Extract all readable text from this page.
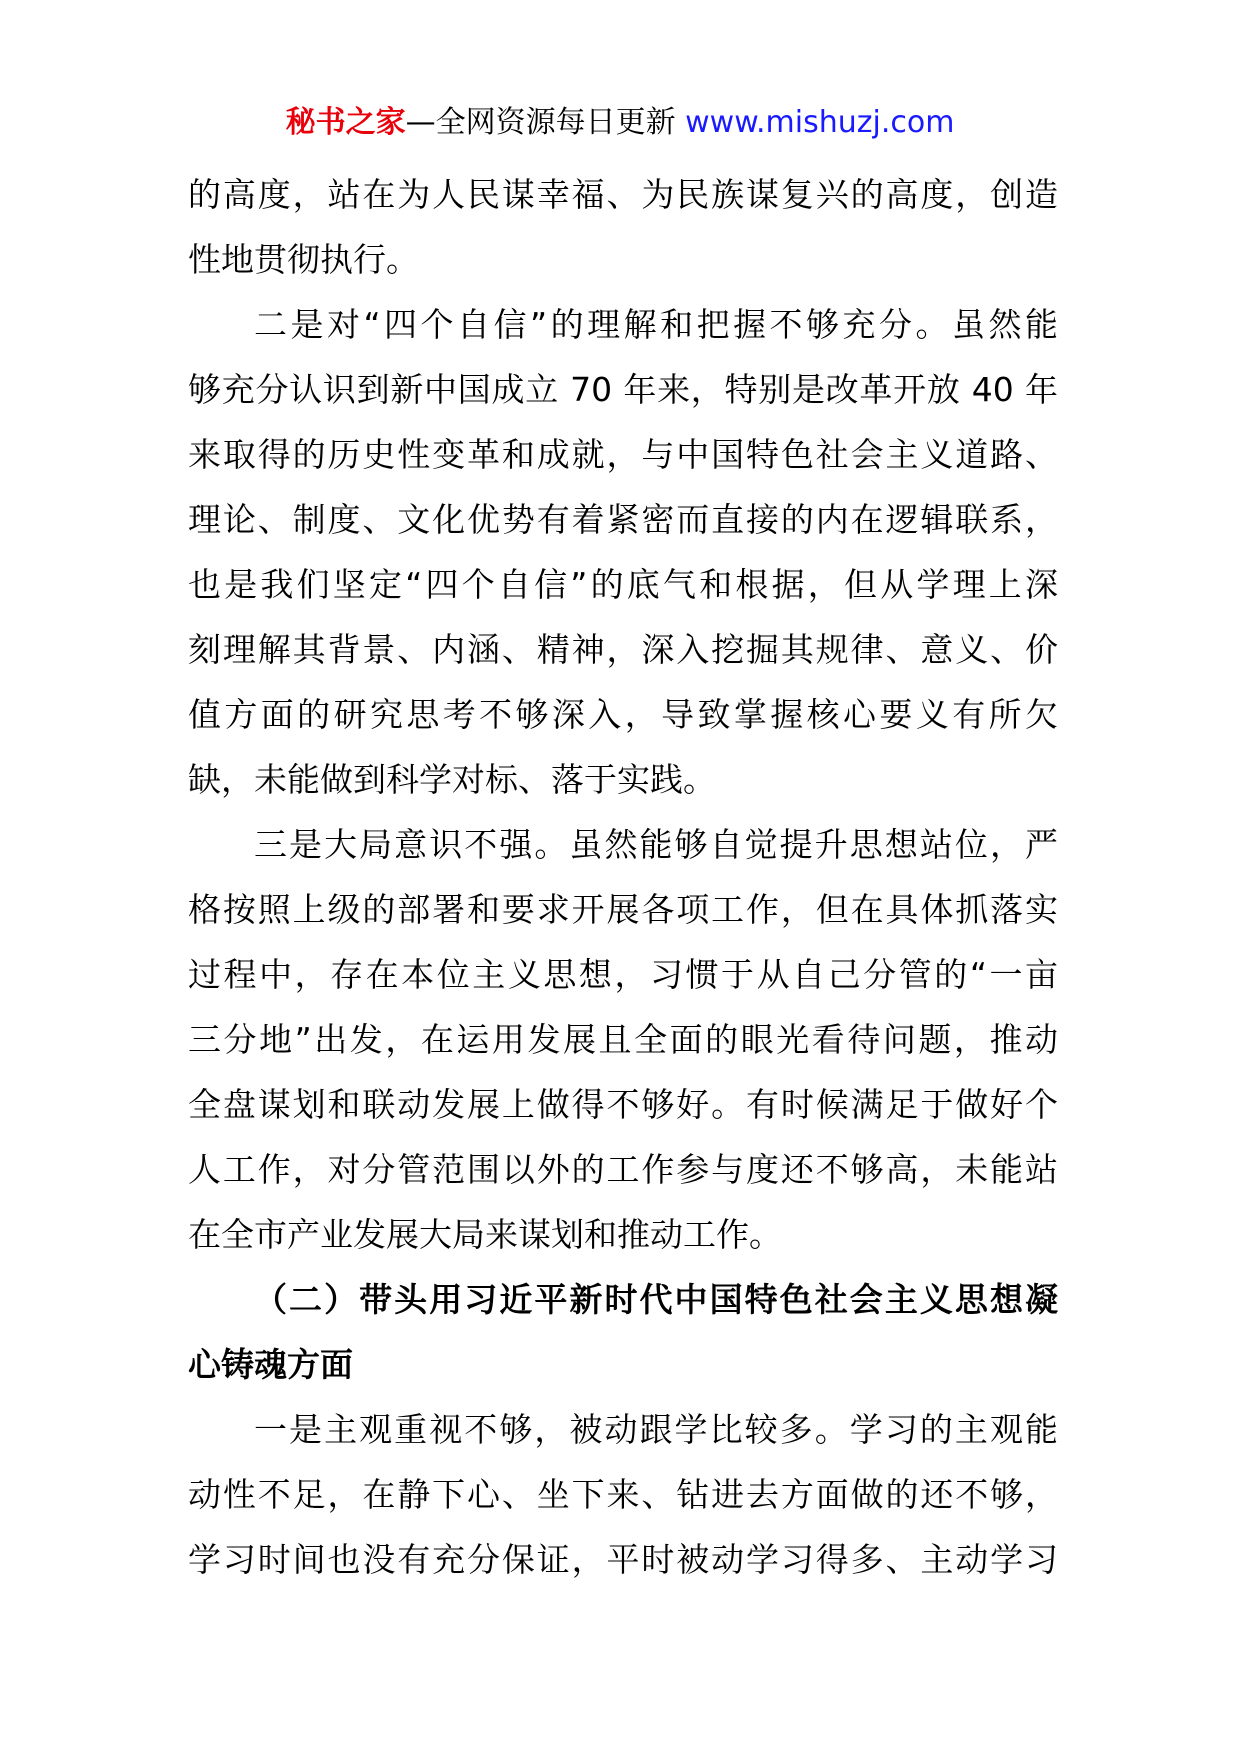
秘书之家—全网资源每日更新 www.mishuzj.com
的高度，站在为人民谋幸福、为民族谋复兴的高度，创造
性地贯彻执行。
二是对“四个自信”的理解和把握不够充分。虽然能
够充分认识到新中国成立 70 年来，特别是改革开放 40 年
来取得的历史性变革和成就，与中国特色社会主义道路、
理论、制度、文化优势有着紧密而直接的内在逻辑联系，
也是我们坚定“四个自信”的底气和根据，但从学理上深
刻理解其背景、内涵、精神，深入挖掘其规律、意义、价
值方面的研究思考不够深入，导致掌握核心要义有所欠
缺，未能做到科学对标、落于实践。
三是大局意识不强。虽然能够自觉提升思想站位，严
格按照上级的部署和要求开展各项工作，但在具体抓落实
过程中，存在本位主义思想，习惯于从自己分管的“一亩
三分地”出发，在运用发展且全面的眼光看待问题，推动
全盘谋划和联动发展上做得不够好。有时候满足于做好个
人工作，对分管范围以外的工作参与度还不够高，未能站
在全市产业发展大局来谋划和推动工作。
（二）带头用习近平新时代中国特色社会主义思想凝
心铸魂方面
一是主观重视不够，被动跟学比较多。学习的主观能
动性不足，在静下心、坐下来、钻进去方面做的还不够，
学习时间也没有充分保证，平时被动学习得多、主动学习
